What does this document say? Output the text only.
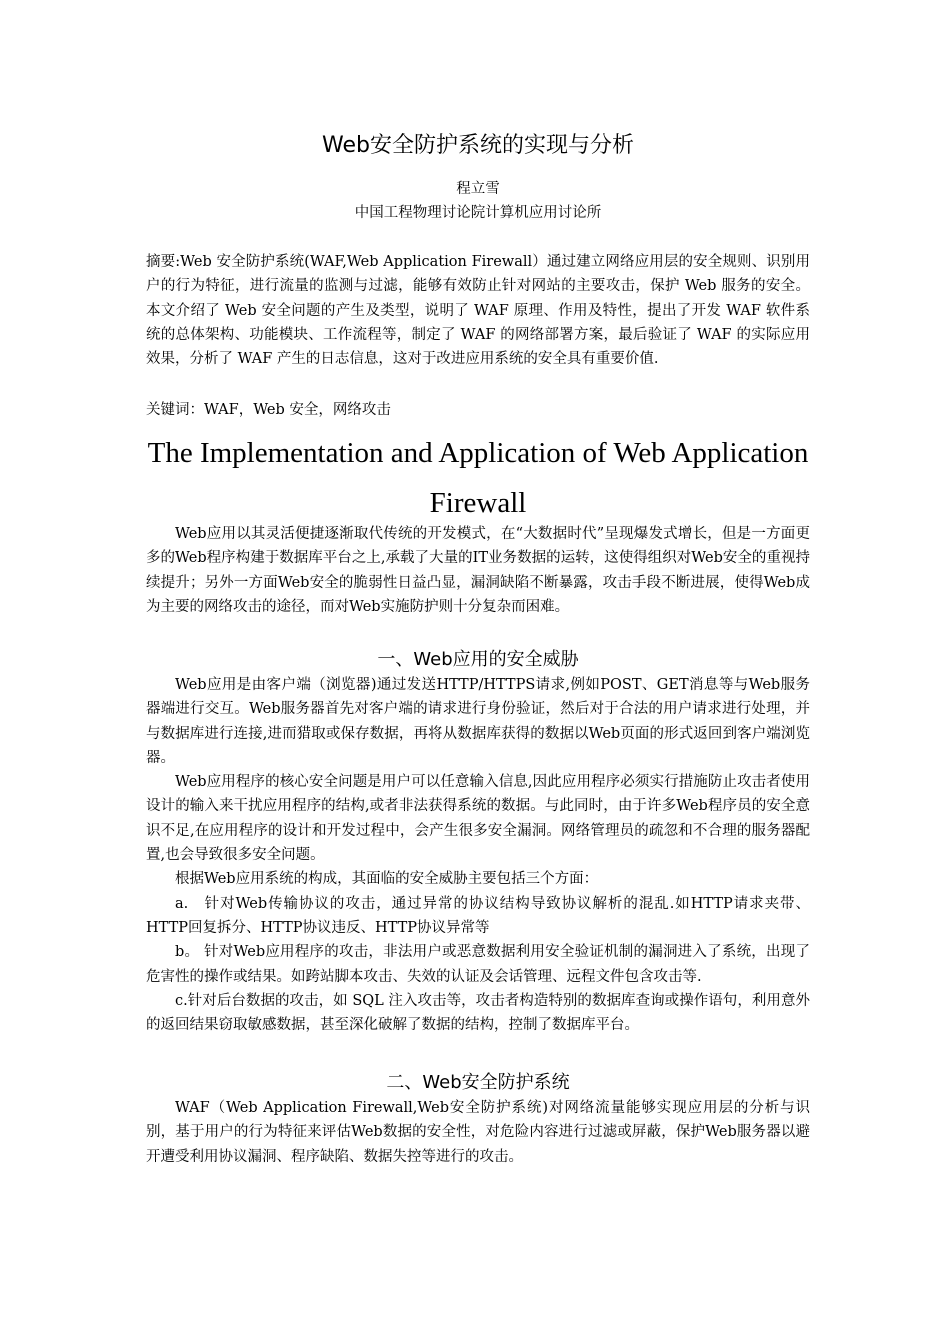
Web安全防护系统的实现与分析
程立雪
中国工程物理讨论院计算机应用讨论所
摘要:Web 安全防护系统(WAF,Web Application Firewall）通过建立网络应用层的安全规则、识别用户的行为特征，进行流量的监测与过滤，能够有效防止针对网站的主要攻击，保护 Web 服务的安全。本文介绍了 Web 安全问题的产生及类型，说明了 WAF 原理、作用及特性，提出了开发 WAF 软件系统的总体架构、功能模块、工作流程等，制定了 WAF 的网络部署方案，最后验证了 WAF 的实际应用效果，分析了 WAF 产生的日志信息，这对于改进应用系统的安全具有重要价值.
关键词：WAF，Web 安全，网络攻击
The Implementation and Application of Web Application Firewall

Web应用以其灵活便捷逐渐取代传统的开发模式，在“大数据时代”呈现爆发式增长，但是一方面更多的Web程序构建于数据库平台之上,承载了大量的IT业务数据的运转，这使得组织对Web安全的重视持续提升；另外一方面Web安全的脆弱性日益凸显，漏洞缺陷不断暴露，攻击手段不断进展，使得Web成为主要的网络攻击的途径，而对Web实施防护则十分复杂而困难。

一、Web应用的安全威胁

Web应用是由客户端（浏览器)通过发送HTTP/HTTPS请求,例如POST、GET消息等与Web服务器端进行交互。Web服务器首先对客户端的请求进行身份验证，然后对于合法的用户请求进行处理，并与数据库进行连接,进而猎取或保存数据，再将从数据库获得的数据以Web页面的形式返回到客户端浏览器。

Web应用程序的核心安全问题是用户可以任意输入信息,因此应用程序必须实行措施防止攻击者使用设计的输入来干扰应用程序的结构,或者非法获得系统的数据。与此同时，由于许多Web程序员的安全意识不足,在应用程序的设计和开发过程中，会产生很多安全漏洞。网络管理员的疏忽和不合理的服务器配置,也会导致很多安全问题。

根据Web应用系统的构成，其面临的安全威胁主要包括三个方面：

a.　针对Web传输协议的攻击，通过异常的协议结构导致协议解析的混乱.如HTTP请求夹带、HTTP回复拆分、HTTP协议违反、HTTP协议异常等

b。 针对Web应用程序的攻击，非法用户或恶意数据利用安全验证机制的漏洞进入了系统，出现了危害性的操作或结果。如跨站脚本攻击、失效的认证及会话管理、远程文件包含攻击等.

c.针对后台数据的攻击，如 SQL 注入攻击等，攻击者构造特别的数据库查询或操作语句，利用意外的返回结果窃取敏感数据，甚至深化破解了数据的结构，控制了数据库平台。

二、Web安全防护系统

WAF（Web Application Firewall,Web安全防护系统)对网络流量能够实现应用层的分析与识别，基于用户的行为特征来评估Web数据的安全性，对危险内容进行过滤或屏蔽，保护Web服务器以避开遭受利用协议漏洞、程序缺陷、数据失控等进行的攻击。
